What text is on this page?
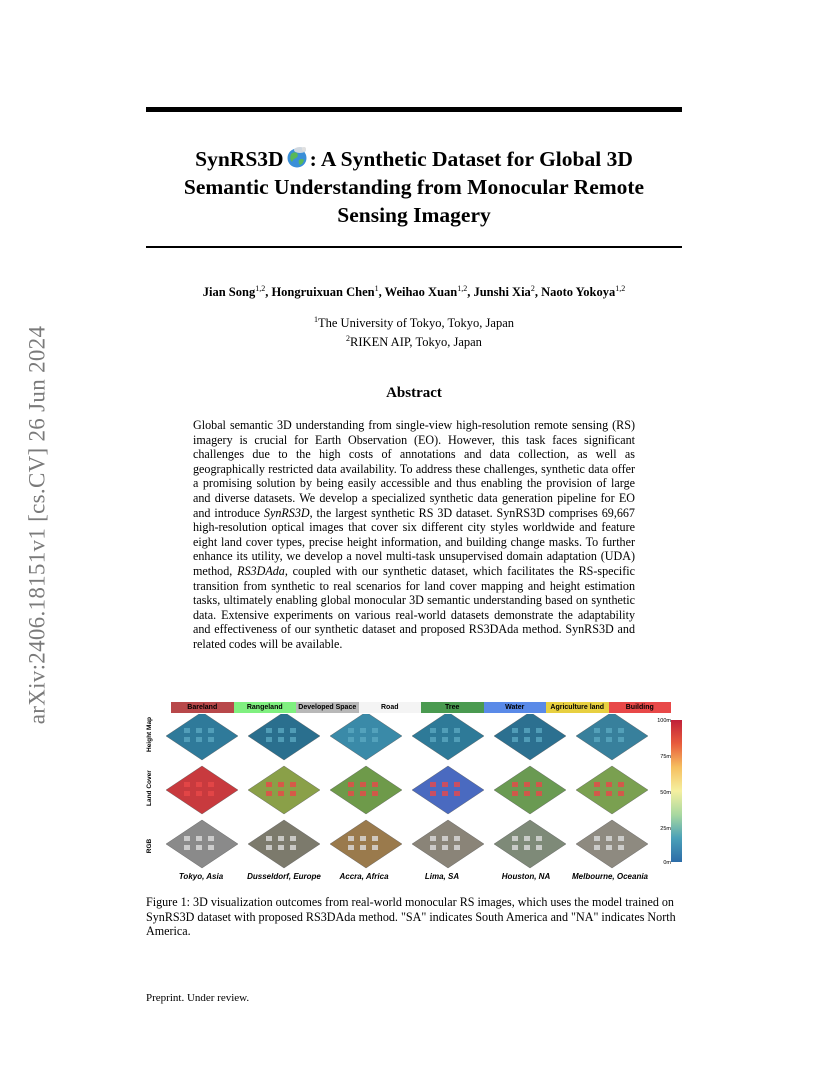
arXiv:2406.18151v1 [cs.CV] 26 Jun 2024
SynRS3D : A Synthetic Dataset for Global 3D
Semantic Understanding from Monocular Remote
Sensing Imagery
Jian Song$^{1,2}$, Hongruixuan Chen$^1$, Weihao Xuan$^{1,2}$, Junshi Xia$^2$, Naoto Yokoya$^{1,2}$
$^1$The University of Tokyo, Tokyo, Japan
$^2$RIKEN AIP, Tokyo, Japan
Abstract

Global semantic 3D understanding from single-view high-resolution remote sensing (RS) imagery is crucial for Earth Observation (EO). However, this task faces significant challenges due to the high costs of annotations and data collection, as well as geographically restricted data availability. To address these challenges, synthetic data offer a promising solution by being easily accessible and thus enabling the provision of large and diverse datasets. We develop a specialized synthetic data generation pipeline for EO and introduce SynRS3D, the largest synthetic RS 3D dataset. SynRS3D comprises 69,667 high-resolution optical images that cover six different city styles worldwide and feature eight land cover types, precise height information, and building change masks. To further enhance its utility, we develop a novel multi-task unsupervised domain adaptation (UDA) method, RS3DAda, coupled with our synthetic dataset, which facilitates the RS-specific transition from synthetic to real scenarios for land cover mapping and height estimation tasks, ultimately enabling global monocular 3D semantic understanding based on synthetic data. Extensive experiments on various real-world datasets demonstrate the adaptability and effectiveness of our synthetic dataset and proposed RS3DAda method. SynRS3D and related codes will be available.

Bareland	Rangeland	Developed Space	Road	Tree	Water	Agriculture land	Building
Height Map
Land Cover
RGB
100m
75m
50m
25m
0m
Tokyo, Asia	Dusseldorf, Europe	Accra, Africa	Lima, SA	Houston, NA	Melbourne, Oceania

Figure 1: 3D visualization outcomes from real-world monocular RS images, which uses the model trained on SynRS3D dataset with proposed RS3DAda method. "SA" indicates South America and "NA" indicates North America.

Preprint. Under review.
